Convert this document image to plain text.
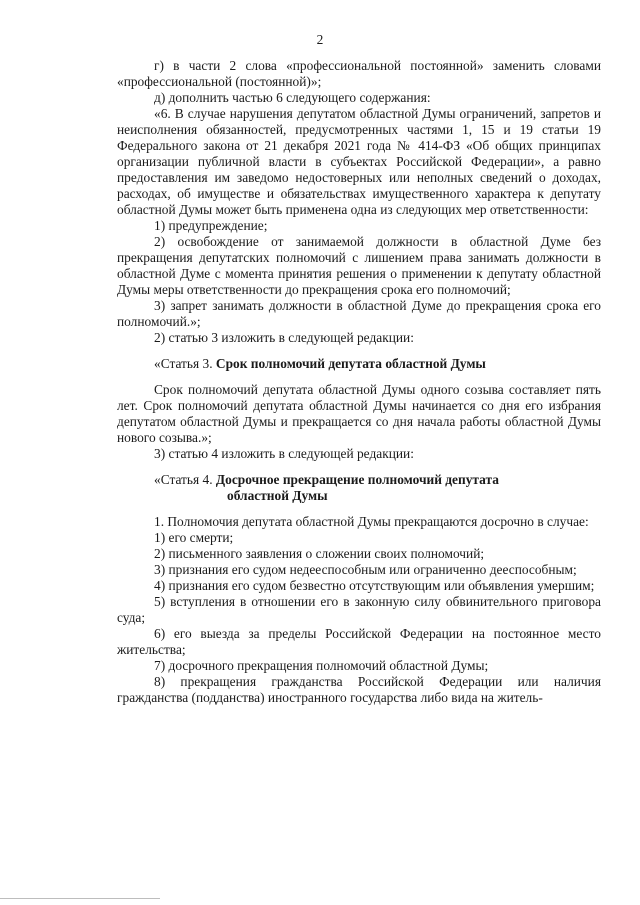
2

г) в части 2 слова «профессиональной постоянной» заменить словами «профессиональной (постоянной)»;

д) дополнить частью 6 следующего содержания:

«6. В случае нарушения депутатом областной Думы ограничений, запретов и неисполнения обязанностей, предусмотренных частями 1, 15 и 19 статьи 19 Федерального закона от 21 декабря 2021 года № 414-ФЗ «Об общих принципах организации публичной власти в субъектах Российской Федерации», а равно предоставления им заведомо недостоверных или неполных сведений о доходах, расходах, об имуществе и обязательствах имущественного характера к депутату областной Думы может быть применена одна из следующих мер ответственности:

1) предупреждение;

2) освобождение от занимаемой должности в областной Думе без прекращения депутатских полномочий с лишением права занимать должности в областной Думе с момента принятия решения о применении к депутату областной Думы меры ответственности до прекращения срока его полномочий;

3) запрет занимать должности в областной Думе до прекращения срока его полномочий.»;

2) статью 3 изложить в следующей редакции:

«Статья 3. Срок полномочий депутата областной Думы

Срок полномочий депутата областной Думы одного созыва составляет пять лет. Срок полномочий депутата областной Думы начинается со дня его избрания депутатом областной Думы и прекращается со дня начала работы областной Думы нового созыва.»;

3) статью 4 изложить в следующей редакции:

«Статья 4. Досрочное прекращение полномочий депутата
областной Думы

1. Полномочия депутата областной Думы прекращаются досрочно в случае:

1) его смерти;

2) письменного заявления о сложении своих полномочий;

3) признания его судом недееспособным или ограниченно дееспособным;

4) признания его судом безвестно отсутствующим или объявления умершим;

5) вступления в отношении его в законную силу обвинительного приговора суда;

6) его выезда за пределы Российской Федерации на постоянное место жительства;

7) досрочного прекращения полномочий областной Думы;

8) прекращения гражданства Российской Федерации или наличия гражданства (подданства) иностранного государства либо вида на житель-
